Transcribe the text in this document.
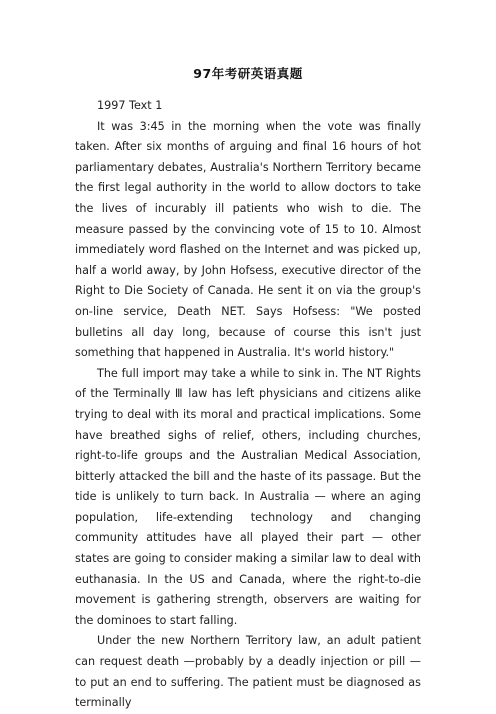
97年考研英语真题

1997 Text 1

It was 3:45 in the morning when the vote was finally taken. After six months of arguing and final 16 hours of hot parliamentary debates, Australia's Northern Territory became the first legal authority in the world to allow doctors to take the lives of incurably ill patients who wish to die. The measure passed by the convincing vote of 15 to 10. Almost immediately word flashed on the Internet and was picked up, half a world away, by John Hofsess, executive director of the Right to Die Society of Canada. He sent it on via the group's on-line service, Death NET. Says Hofsess: "We posted bulletins all day long, because of course this isn't just something that happened in Australia. It's world history."

The full import may take a while to sink in. The NT Rights of the Terminally Ⅲ law has left physicians and citizens alike trying to deal with its moral and practical implications. Some have breathed sighs of relief, others, including churches, right-to-life groups and the Australian Medical Association, bitterly attacked the bill and the haste of its passage. But the tide is unlikely to turn back. In Australia — where an aging population, life-extending technology and changing community attitudes have all played their part — other states are going to consider making a similar law to deal with euthanasia. In the US and Canada, where the right-to-die movement is gathering strength, observers are waiting for the dominoes to start falling.

Under the new Northern Territory law, an adult patient can request death —probably by a deadly injection or pill —to put an end to suffering. The patient must be diagnosed as terminally
